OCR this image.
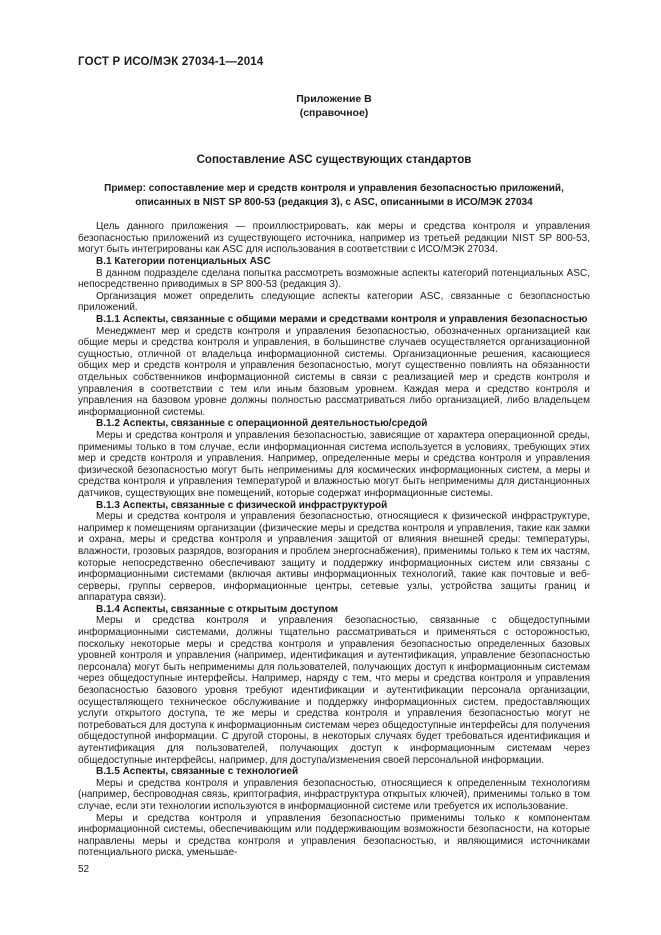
ГОСТ Р ИСО/МЭК 27034-1—2014
Приложение В
(справочное)
Сопоставление ASC существующих стандартов
Пример: сопоставление мер и средств контроля и управления безопасностью приложений, описанных в NIST SP 800-53 (редакция 3), с ASC, описанными в ИСО/МЭК 27034

Цель данного приложения — проиллюстрировать, как меры и средства контроля и управления безопасностью приложений из существующего источника, например из третьей редакции NIST SP 800-53, могут быть интегрированы как ASC для использования в соответствии с ИСО/МЭК 27034.

В.1 Категории потенциальных ASC

В данном подразделе сделана попытка рассмотреть возможные аспекты категорий потенциальных ASC, непосредственно приводимых в SP 800-53 (редакция 3).

Организация может определить следующие аспекты категории ASC, связанные с безопасностью приложений.

В.1.1 Аспекты, связанные с общими мерами и средствами контроля и управления безопасностью

Менеджмент мер и средств контроля и управления безопасностью, обозначенных организацией как общие меры и средства контроля и управления, в большинстве случаев осуществляется организационной сущностью, отличной от владельца информационной системы. Организационные решения, касающиеся общих мер и средств контроля и управления безопасностью, могут существенно повлиять на обязанности отдельных собственников информационной системы в связи с реализацией мер и средств контроля и управления в соответствии с тем или иным базовым уровнем. Каждая мера и средство контроля и управления на базовом уровне должны полностью рассматриваться либо организацией, либо владельцем информационной системы.

В.1.2 Аспекты, связанные с операционной деятельностью/средой

Меры и средства контроля и управления безопасностью, зависящие от характера операционной среды, применимы только в том случае, если информационная система используется в условиях, требующих этих мер и средств контроля и управления. Например, определенные меры и средства контроля и управления физической безопасностью могут быть неприменимы для космических информационных систем, а меры и средства контроля и управления температурой и влажностью могут быть неприменимы для дистанционных датчиков, существующих вне помещений, которые содержат информационные системы.

В.1.3 Аспекты, связанные с физической инфраструктурой

Меры и средства контроля и управления безопасностью, относящиеся к физической инфраструктуре, например к помещениям организации (физические меры и средства контроля и управления, такие как замки и охрана, меры и средства контроля и управления защитой от влияния внешней среды: температуры, влажности, грозовых разрядов, возгорания и проблем энергоснабжения), применимы только к тем их частям, которые непосредственно обеспечивают защиту и поддержку информационных систем или связаны с информационными системами (включая активы информационных технологий, такие как почтовые и веб-серверы, группы серверов, информационные центры, сетевые узлы, устройства защиты границ и аппаратура связи).

В.1.4 Аспекты, связанные с открытым доступом

Меры и средства контроля и управления безопасностью, связанные с общедоступными информационными системами, должны тщательно рассматриваться и применяться с осторожностью, поскольку некоторые меры и средства контроля и управления безопасностью определенных базовых уровней контроля и управления (например, идентификация и аутентификация, управление безопасностью персонала) могут быть неприменимы для пользователей, получающих доступ к информационным системам через общедоступные интерфейсы. Например, наряду с тем, что меры и средства контроля и управления безопасностью базового уровня требуют идентификации и аутентификации персонала организации, осуществляющего техническое обслуживание и поддержку информационных систем, предоставляющих услуги открытого доступа, те же меры и средства контроля и управления безопасностью могут не потребоваться для доступа к информационным системам через общедоступные интерфейсы для получения общедоступной информации. С другой стороны, в некоторых случаях будет требоваться идентификация и аутентификация для пользователей, получающих доступ к информационным системам через общедоступные интерфейсы, например, для доступа/изменения своей персональной информации.

В.1.5 Аспекты, связанные с технологией

Меры и средства контроля и управления безопасностью, относящиеся к определенным технологиям (например, беспроводная связь, криптография, инфраструктура открытых ключей), применимы только в том случае, если эти технологии используются в информационной системе или требуется их использование.

Меры и средства контроля и управления безопасностью применимы только к компонентам информационной системы, обеспечивающим или поддерживающим возможности безопасности, на которые направлены меры и средства контроля и управления безопасностью, и являющимися источниками потенциального риска, уменьшае-

52
